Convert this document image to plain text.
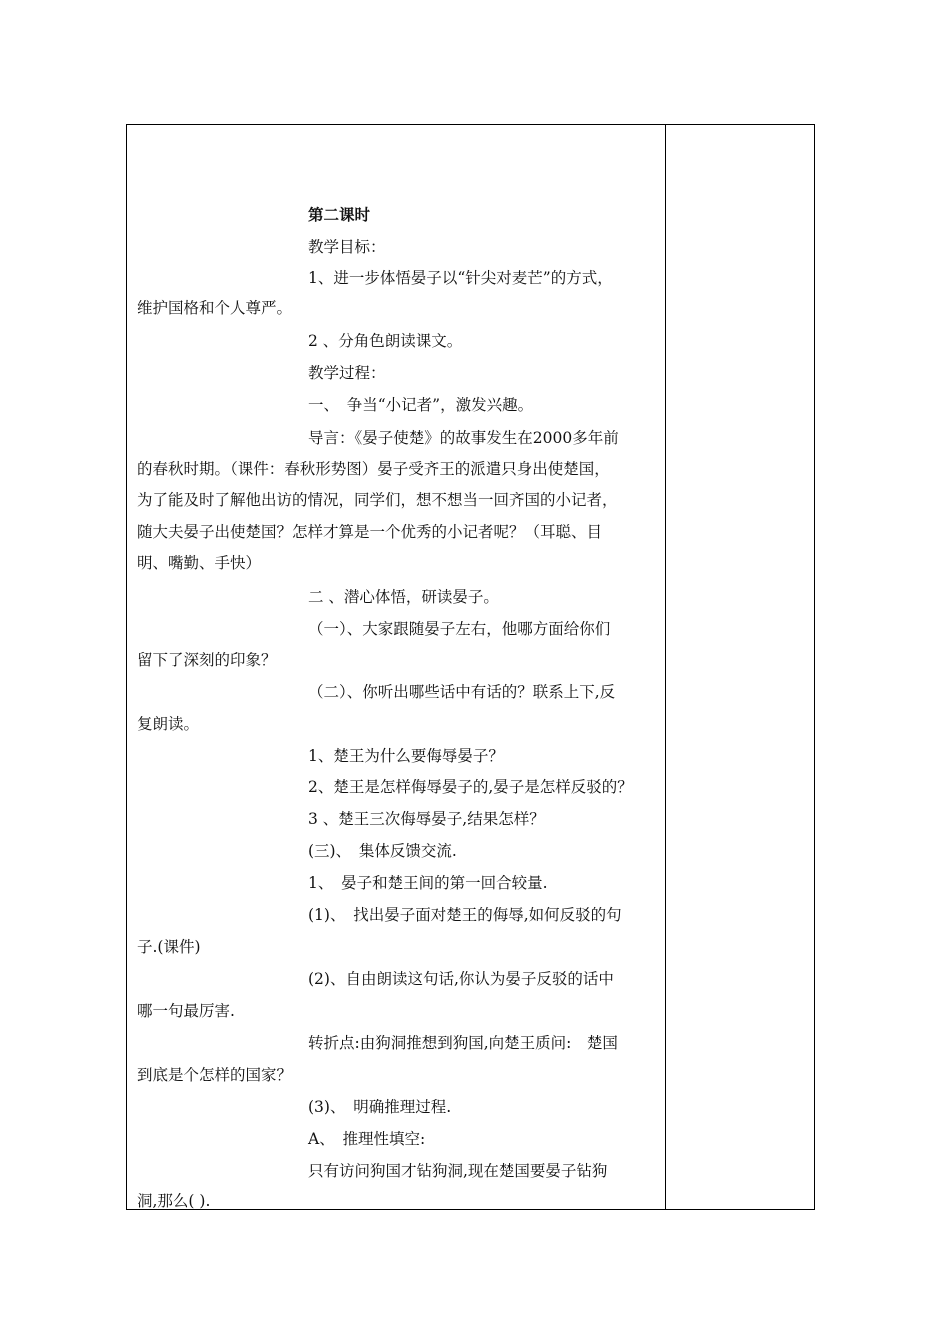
第二课时
教学目标：
1、进一步体悟晏子以“针尖对麦芒”的方式，
维护国格和个人尊严。
2 、分角色朗读课文。
教学过程：
一、　争当“小记者”，激发兴趣。
导言：《晏子使楚》的故事发生在2000多年前
的春秋时期。（课件：春秋形势图）晏子受齐王的派遣只身出使楚国，
为了能及时了解他出访的情况，同学们，想不想当一回齐国的小记者，
随大夫晏子出使楚国？怎样才算是一个优秀的小记者呢？（耳聪、目
明、嘴勤、手快）
二 、潜心体悟，研读晏子。
（一）、大家跟随晏子左右，他哪方面给你们
留下了深刻的印象？
（二）、你听出哪些话中有话的？联系上下,反
复朗读。
1、楚王为什么要侮辱晏子？
2、楚王是怎样侮辱晏子的,晏子是怎样反驳的？
3 、楚王三次侮辱晏子,结果怎样？
(三)、　集体反馈交流.
1、　晏子和楚王间的第一回合较量.
(1)、　找出晏子面对楚王的侮辱,如何反驳的句
子.(课件)
(2)、自由朗读这句话,你认为晏子反驳的话中
哪一句最厉害.
转折点:由狗洞推想到狗国,向楚王质问:　楚国
到底是个怎样的国家？
(3)、　明确推理过程.
A、　推理性填空:
只有访问狗国才钻狗洞,现在楚国要晏子钻狗
洞,那么( ).
